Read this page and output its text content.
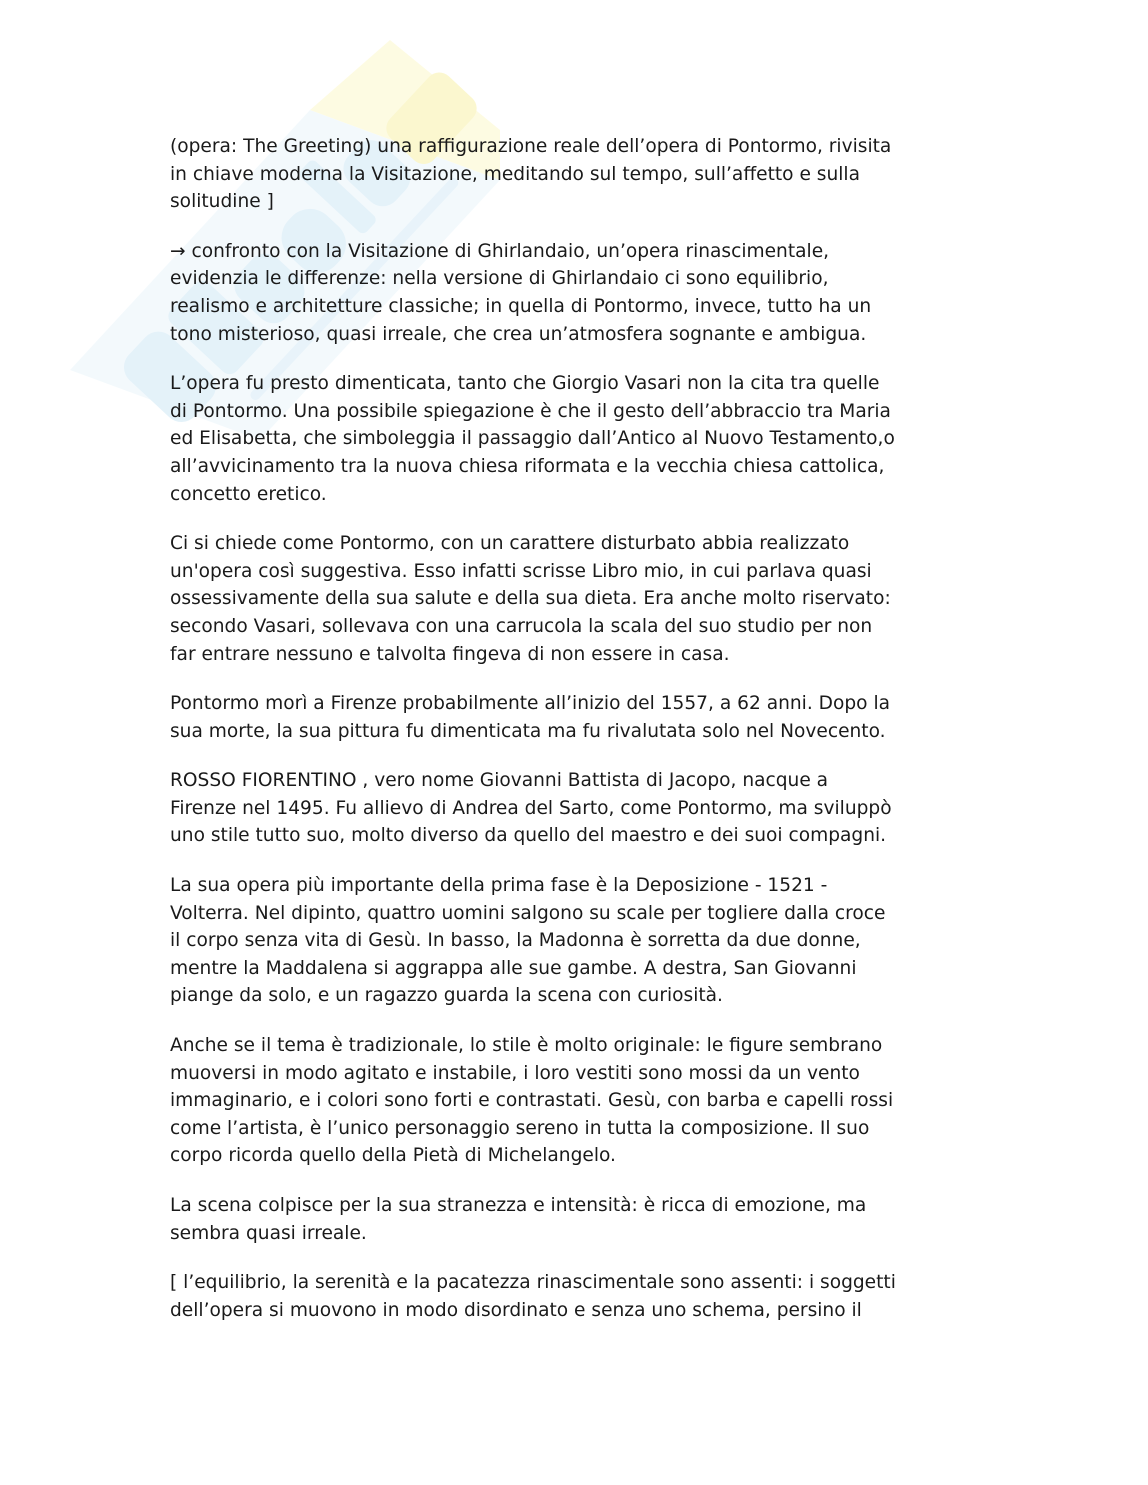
(opera: The Greeting) una raffigurazione reale dell’opera di Pontormo, rivisita
in chiave moderna la Visitazione, meditando sul tempo, sull’affetto e sulla
solitudine ]
→ confronto con la Visitazione di Ghirlandaio, un’opera rinascimentale,
evidenzia le differenze: nella versione di Ghirlandaio ci sono equilibrio,
realismo e architetture classiche; in quella di Pontormo, invece, tutto ha un
tono misterioso, quasi irreale, che crea un’atmosfera sognante e ambigua.
L’opera fu presto dimenticata, tanto che Giorgio Vasari non la cita tra quelle
di Pontormo. Una possibile spiegazione è che il gesto dell’abbraccio tra Maria
ed Elisabetta, che simboleggia il passaggio dall’Antico al Nuovo Testamento,o
all’avvicinamento tra la nuova chiesa riformata e la vecchia chiesa cattolica,
concetto eretico.
Ci si chiede come Pontormo, con un carattere disturbato abbia realizzato
un'opera così suggestiva. Esso infatti scrisse Libro mio, in cui parlava quasi
ossessivamente della sua salute e della sua dieta. Era anche molto riservato:
secondo Vasari, sollevava con una carrucola la scala del suo studio per non
far entrare nessuno e talvolta fingeva di non essere in casa.
Pontormo morì a Firenze probabilmente all’inizio del 1557, a 62 anni. Dopo la
sua morte, la sua pittura fu dimenticata ma fu rivalutata solo nel Novecento.
ROSSO FIORENTINO , vero nome Giovanni Battista di Jacopo, nacque a
Firenze nel 1495. Fu allievo di Andrea del Sarto, come Pontormo, ma sviluppò
uno stile tutto suo, molto diverso da quello del maestro e dei suoi compagni.
La sua opera più importante della prima fase è la Deposizione - 1521 -
Volterra. Nel dipinto, quattro uomini salgono su scale per togliere dalla croce
il corpo senza vita di Gesù. In basso, la Madonna è sorretta da due donne,
mentre la Maddalena si aggrappa alle sue gambe. A destra, San Giovanni
piange da solo, e un ragazzo guarda la scena con curiosità.
Anche se il tema è tradizionale, lo stile è molto originale: le figure sembrano
muoversi in modo agitato e instabile, i loro vestiti sono mossi da un vento
immaginario, e i colori sono forti e contrastati. Gesù, con barba e capelli rossi
come l’artista, è l’unico personaggio sereno in tutta la composizione. Il suo
corpo ricorda quello della Pietà di Michelangelo.
La scena colpisce per la sua stranezza e intensità: è ricca di emozione, ma
sembra quasi irreale.
[ l’equilibrio, la serenità e la pacatezza rinascimentale sono assenti: i soggetti
dell’opera si muovono in modo disordinato e senza uno schema, persino il
